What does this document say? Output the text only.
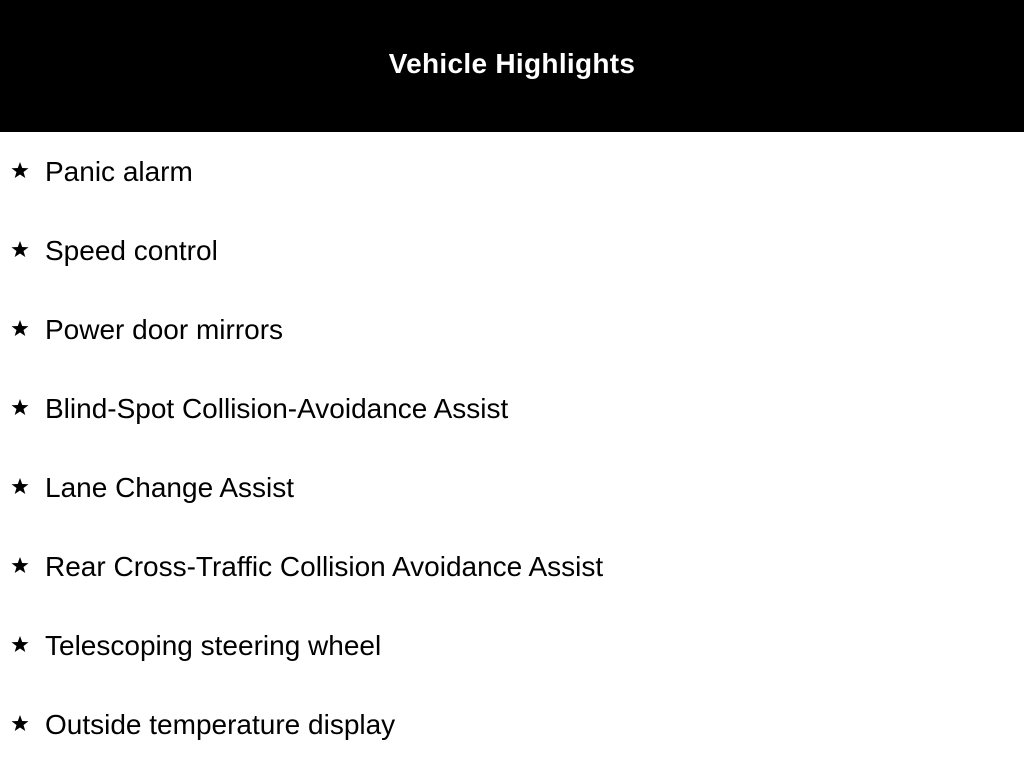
Vehicle Highlights
Panic alarm
Speed control
Power door mirrors
Blind-Spot Collision-Avoidance Assist
Lane Change Assist
Rear Cross-Traffic Collision Avoidance Assist
Telescoping steering wheel
Outside temperature display
